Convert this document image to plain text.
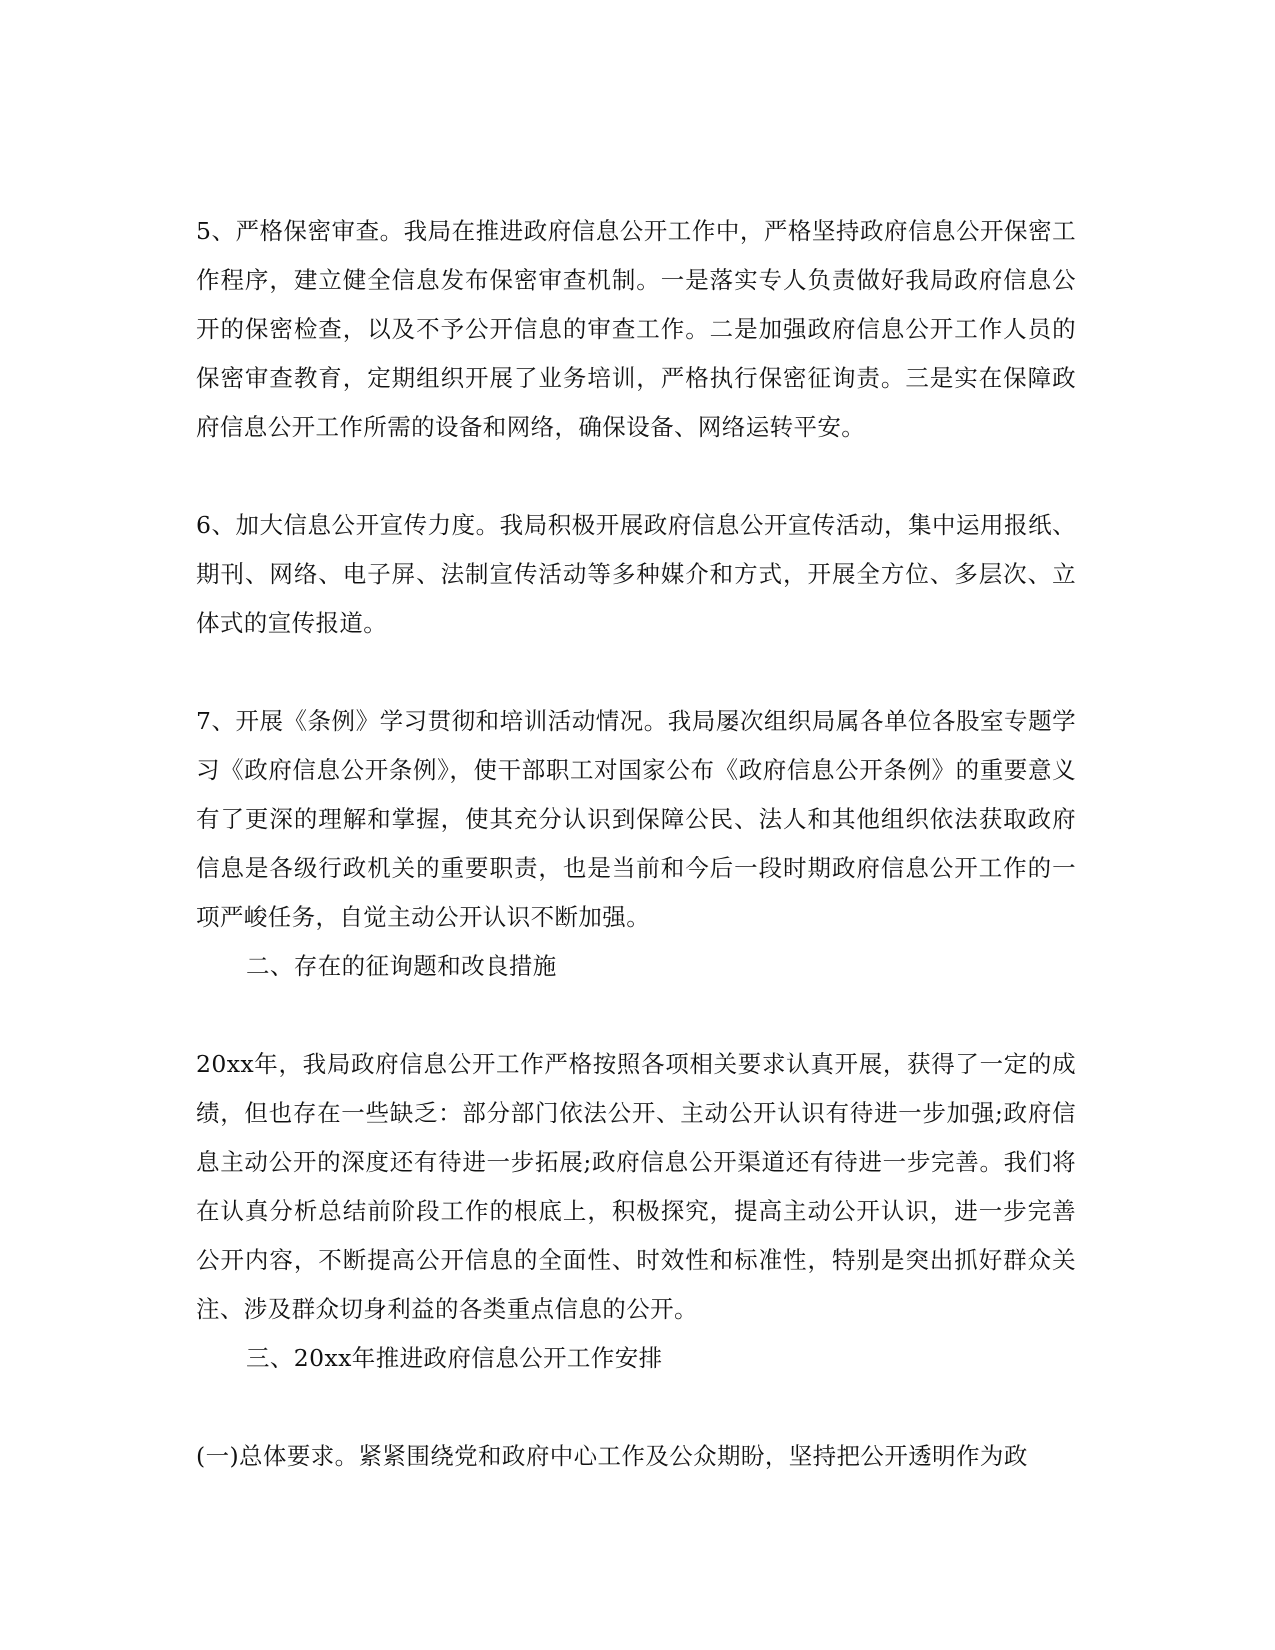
5、严格保密审查。我局在推进政府信息公开工作中，严格坚持政府信息公开保密工作程序，建立健全信息发布保密审查机制。一是落实专人负责做好我局政府信息公开的保密检查，以及不予公开信息的审查工作。二是加强政府信息公开工作人员的保密审查教育，定期组织开展了业务培训，严格执行保密征询责。三是实在保障政府信息公开工作所需的设备和网络，确保设备、网络运转平安。

6、加大信息公开宣传力度。我局积极开展政府信息公开宣传活动，集中运用报纸、期刊、网络、电子屏、法制宣传活动等多种媒介和方式，开展全方位、多层次、立体式的宣传报道。

7、开展《条例》学习贯彻和培训活动情况。我局屡次组织局属各单位各股室专题学习《政府信息公开条例》，使干部职工对国家公布《政府信息公开条例》的重要意义有了更深的理解和掌握，使其充分认识到保障公民、法人和其他组织依法获取政府信息是各级行政机关的重要职责，也是当前和今后一段时期政府信息公开工作的一项严峻任务，自觉主动公开认识不断加强。

二、存在的征询题和改良措施

20xx年，我局政府信息公开工作严格按照各项相关要求认真开展，获得了一定的成绩，但也存在一些缺乏：部分部门依法公开、主动公开认识有待进一步加强;政府信息主动公开的深度还有待进一步拓展;政府信息公开渠道还有待进一步完善。我们将在认真分析总结前阶段工作的根底上，积极探究，提高主动公开认识，进一步完善公开内容，不断提高公开信息的全面性、时效性和标准性，特别是突出抓好群众关注、涉及群众切身利益的各类重点信息的公开。

三、20xx年推进政府信息公开工作安排

(一)总体要求。紧紧围绕党和政府中心工作及公众期盼，坚持把公开透明作为政
